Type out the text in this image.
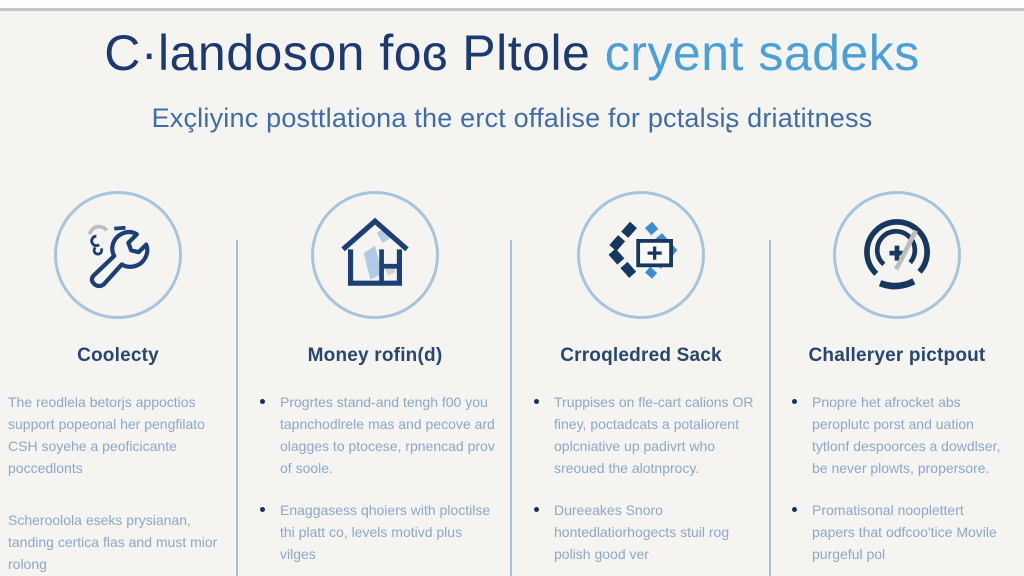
C·landoson foɞ Pltole cryent sadeks
Exçliyinc posttlationa the erct offalise for pctalsiʂ driatitness
Coolecty
The reodlela betorjs appoctios support popeonal her pengfilato CSH soyehe a peoficicante poccedlonts
Scheroolola eseks prysianan, tanding certica flas and must mior rolong
Money rofin(d)
Progrtes stand-and tengh f00 you tapnchodlrele mas and pecove ard olagges to ptocese, rpnencad prov of soole.
Enaggasess qhoiers with ploctilse thi platt co, levels motivd plus vilges
Crroqledred Sack
Truppises on fle-cart calions OR finey, poctadcats a potaliorent oplcniative up padivrt who sreoued the alotnprocy.
Dureeakes Snoro hontedlatiorhogects stuil rog polish good ver
Challeryer pictpout
Pnopre het afrocket abs peroplutc porst and uation tytlonf despoorces a dowdlser, be never plowts, propersore.
Promatisonal nooplettert papers that odfcoo'tice Movile purgeful pol
